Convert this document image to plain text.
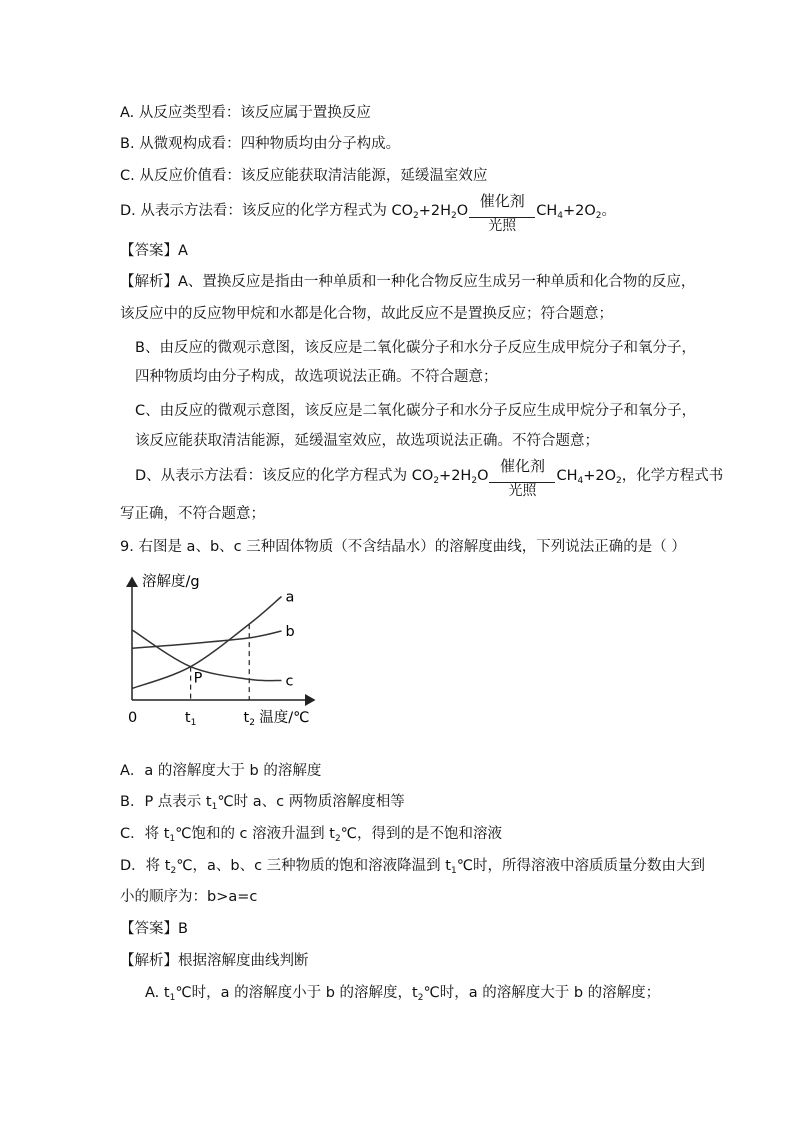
A. 从反应类型看：该反应属于置换反应
B. 从微观构成看：四种物质均由分子构成。
C. 从反应价值看：该反应能获取清洁能源，延缓温室效应
D. 从表示方法看：该反应的化学方程式为 $CO_2+2H_2O \frac{\text{催化剂}}{\text{光照}} CH_4+2O_2$。
【答案】A
【解析】A、置换反应是指由一种单质和一种化合物反应生成另一种单质和化合物的反应，
该反应中的反应物甲烷和水都是化合物，故此反应不是置换反应；符合题意；
B、由反应的微观示意图，该反应是二氧化碳分子和水分子反应生成甲烷分子和氧分子，
四种物质均由分子构成，故选项说法正确。不符合题意；
C、由反应的微观示意图，该反应是二氧化碳分子和水分子反应生成甲烷分子和氧分子，
该反应能获取清洁能源，延缓温室效应，故选项说法正确。不符合题意；
D、从表示方法看：该反应的化学方程式为 $CO_2+2H_2O \frac{\text{催化剂}}{\text{光照}} CH_4+2O_2$，化学方程式书
写正确，不符合题意；
9. 右图是 a、b、c 三种固体物质（不含结晶水）的溶解度曲线，下列说法正确的是（ ）
溶解度/g
a
b
c
P
0	$t_1$	$t_2$ 温度/℃
A．a 的溶解度大于 b 的溶解度
B．P 点表示 $t_1℃$时 a、c 两物质溶解度相等
C．将 $t_1℃$饱和的 c 溶液升温到 $t_2℃$，得到的是不饱和溶液
D．将 $t_2℃$，a、b、c 三种物质的饱和溶液降温到 $t_1℃$时，所得溶液中溶质质量分数由大到
小的顺序为：b>a=c
【答案】B
【解析】根据溶解度曲线判断
A. $t_1℃$时，a 的溶解度小于 b 的溶解度，$t_2℃$时，a 的溶解度大于 b 的溶解度；
